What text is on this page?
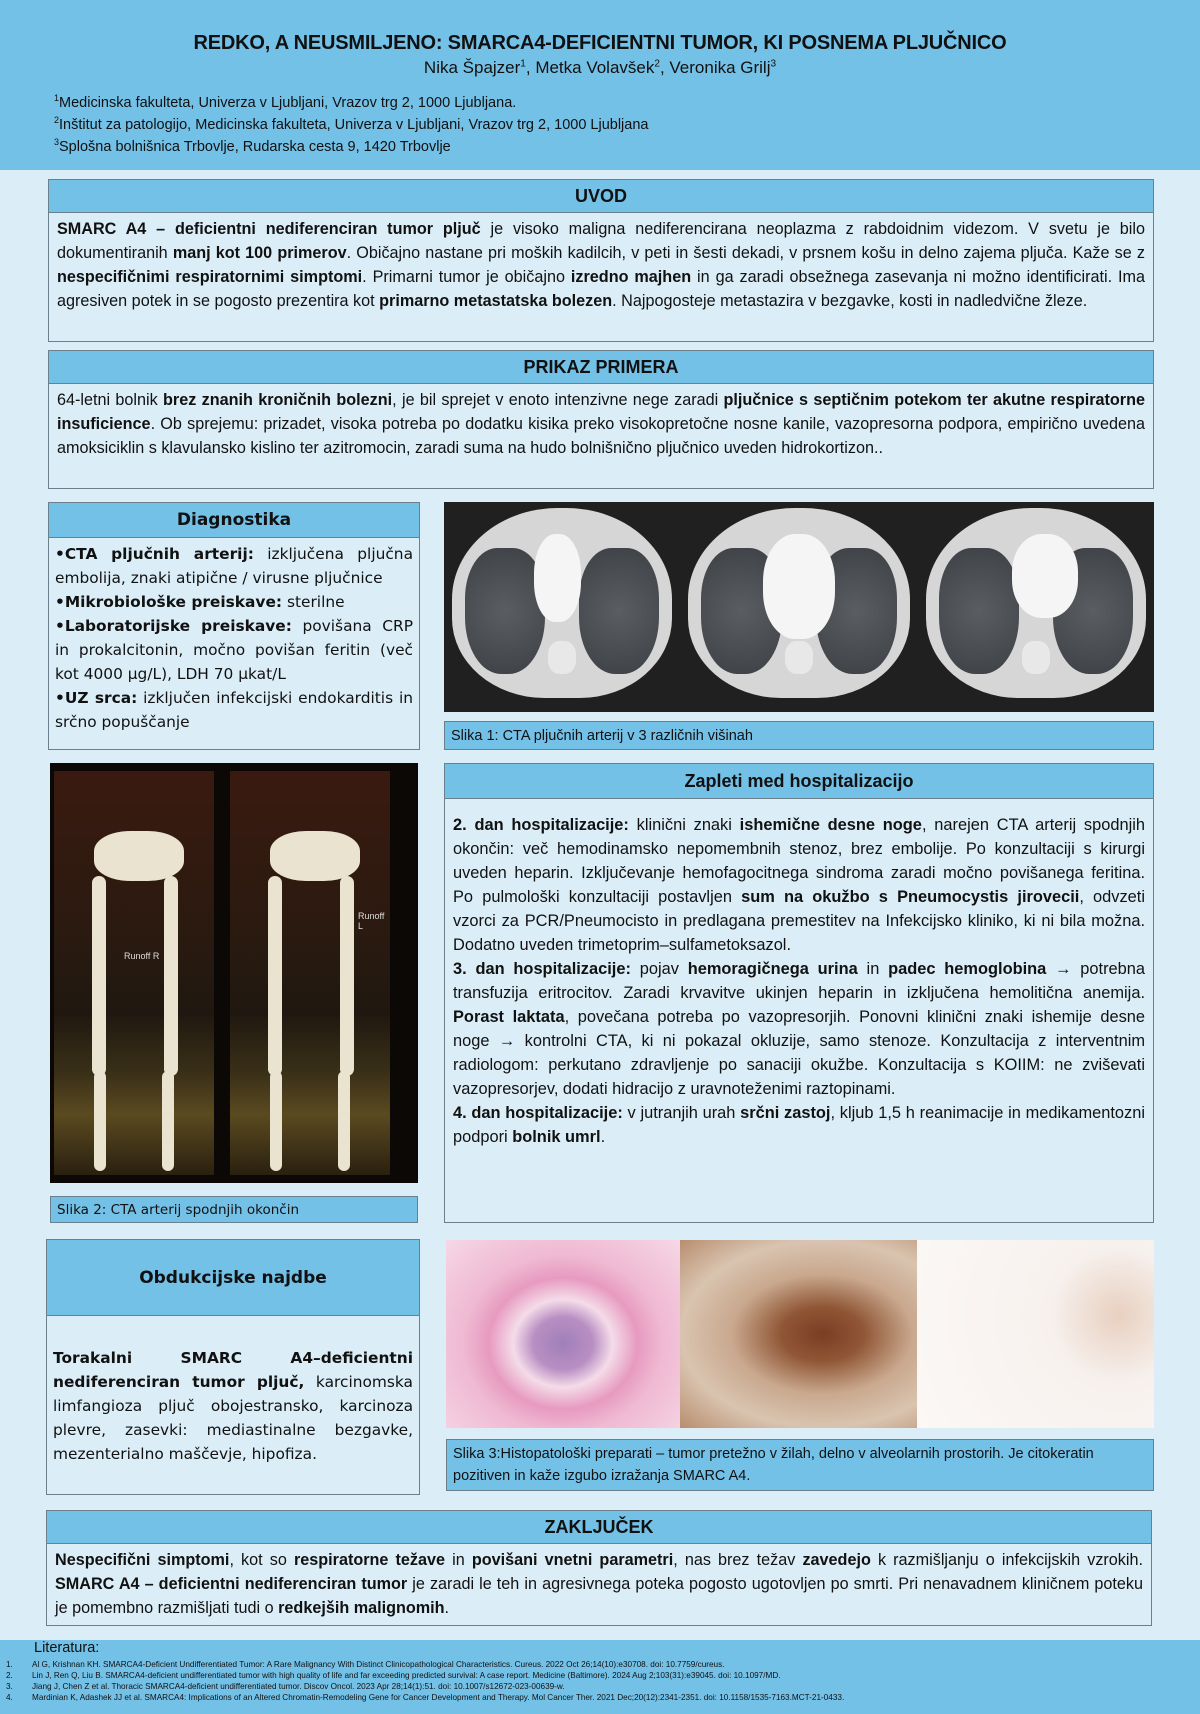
REDKO, A NEUSMILJENO: SMARCA4-DEFICIENTNI TUMOR, KI POSNEMA PLJUČNICO
Nika Špajzer$^1$, Metka Volavšek$^2$, Veronika Grilj$^3$
$^1$Medicinska fakulteta, Univerza v Ljubljani, Vrazov trg 2, 1000 Ljubljana.
$^2$Inštitut za patologijo, Medicinska fakulteta, Univerza v Ljubljani, Vrazov trg 2, 1000 Ljubljana
$^3$Splošna bolnišnica Trbovlje, Rudarska cesta 9, 1420 Trbovlje
UVOD
SMARC A4 – deficientni nediferenciran tumor pljuč je visoko maligna nediferencirana neoplazma z rabdoidnim videzom. V svetu je bilo dokumentiranih manj kot 100 primerov. Običajno nastane pri moških kadilcih, v peti in šesti dekadi, v prsnem košu in delno zajema pljuča. Kaže se z nespecifičnimi respiratornimi simptomi. Primarni tumor je običajno izredno majhen in ga zaradi obsežnega zasevanja ni možno identificirati. Ima agresiven potek in se pogosto prezentira kot primarno metastatska bolezen. Najpogosteje metastazira v bezgavke, kosti in nadledvične žleze.
PRIKAZ PRIMERA
64-letni bolnik brez znanih kroničnih bolezni, je bil sprejet v enoto intenzivne nege zaradi pljučnice s septičnim potekom ter akutne respiratorne insuficience. Ob sprejemu: prizadet, visoka potreba po dodatku kisika preko visokopretočne nosne kanile, vazopresorna podpora, empirično uvedena amoksiciklin s klavulansko kislino ter azitromocin, zaradi suma na hudo bolnišnično pljučnico uveden hidrokortizon..
Diagnostika
•CTA pljučnih arterij: izključena pljučna embolija, znaki atipične / virusne pljučnice
•Mikrobiološke preiskave: sterilne
•Laboratorijske preiskave: povišana CRP in prokalcitonin, močno povišan feritin (več kot 4000 µg/L), LDH 70 µkat/L
•UZ srca: izključen infekcijski endokarditis in srčno popuščanje
Slika 1: CTA pljučnih arterij v 3 različnih višinah
Runoff R
Runoff L
Slika 2: CTA arterij spodnjih okončin
Zapleti med hospitalizacijo
2. dan hospitalizacije: klinični znaki ishemične desne noge, narejen CTA arterij spodnjih okončin: več hemodinamsko nepomembnih stenoz, brez embolije. Po konzultaciji s kirurgi uveden heparin. Izključevanje hemofagocitnega sindroma zaradi močno povišanega feritina. Po pulmološki konzultaciji postavljen sum na okužbo s Pneumocystis jirovecii, odvzeti vzorci za PCR/Pneumocisto in predlagana premestitev na Infekcijsko kliniko, ki ni bila možna. Dodatno uveden trimetoprim–sulfametoksazol.
3. dan hospitalizacije: pojav hemoragičnega urina in padec hemoglobina → potrebna transfuzija eritrocitov. Zaradi krvavitve ukinjen heparin in izključena hemolitična anemija. Porast laktata, povečana potreba po vazopresorjih. Ponovni klinični znaki ishemije desne noge → kontrolni CTA, ki ni pokazal okluzije, samo stenoze. Konzultacija z interventnim radiologom: perkutano zdravljenje po sanaciji okužbe. Konzultacija s KOIIM: ne zviševati vazopresorjev, dodati hidracijo z uravnoteženimi raztopinami.
4. dan hospitalizacije: v jutranjih urah srčni zastoj, kljub 1,5 h reanimacije in medikamentozni podpori bolnik umrl.
Obdukcijske najdbe
Torakalni SMARC A4–deficientni nediferenciran tumor pljuč, karcinomska limfangioza pljuč obojestransko, karcinoza plevre, zasevki: mediastinalne bezgavke, mezenterialno maščevje, hipofiza.	Slika 3:Histopatološki preparati – tumor pretežno v žilah, delno v alveolarnih prostorih. Je citokeratin pozitiven in kaže izgubo izražanja SMARC A4.
ZAKLJUČEK
Nespecifični simptomi, kot so respiratorne težave in povišani vnetni parametri, nas brez težav zavedejo k razmišljanju o infekcijskih vzrokih. SMARC A4 – deficientni nediferenciran tumor je zaradi le teh in agresivnega poteka pogosto ugotovljen po smrti. Pri nenavadnem kliničnem poteku je pomembno razmišljati tudi o redkejših malignomih.
Literatura:
1. Al G, Krishnan KH. SMARCA4-Deficient Undifferentiated Tumor: A Rare Malignancy With Distinct Clinicopathological Characteristics. Cureus. 2022 Oct 26;14(10):e30708. doi: 10.7759/cureus.
2. Lin J, Ren Q, Liu B. SMARCA4-deficient undifferentiated tumor with high quality of life and far exceeding predicted survival: A case report. Medicine (Baltimore). 2024 Aug 2;103(31):e39045. doi: 10.1097/MD.
3. Jiang J, Chen Z et al. Thoracic SMARCA4-deficient undifferentiated tumor. Discov Oncol. 2023 Apr 28;14(1):51. doi: 10.1007/s12672-023-00639-w.
4. Mardinian K, Adashek JJ et al. SMARCA4: Implications of an Altered Chromatin-Remodeling Gene for Cancer Development and Therapy. Mol Cancer Ther. 2021 Dec;20(12):2341-2351. doi: 10.1158/1535-7163.MCT-21-0433.
